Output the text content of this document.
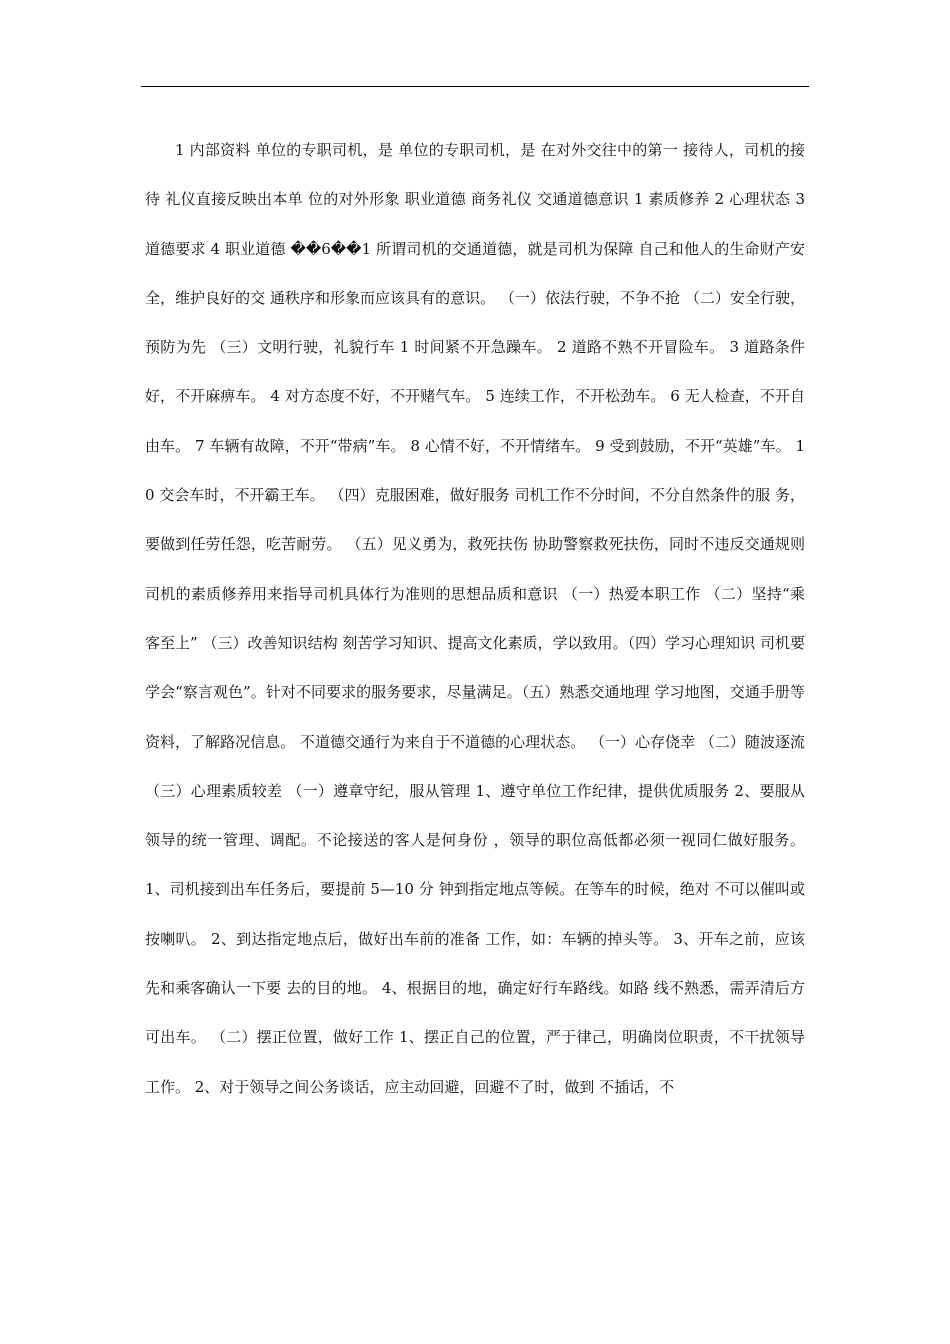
1 内部资料 单位的专职司机，是 单位的专职司机，是 在对外交往中的第一 接待人，司机的接待 礼仪直接反映出本单 位的对外形象 职业道德 商务礼仪 交通道德意识 1 素质修养 2 心理状态 3 道德要求 4 职业道德 ��6��1 所谓司机的交通道德，就是司机为保障 自己和他人的生命财产安全，维护良好的交 通秩序和形象而应该具有的意识。 （一）依法行驶，不争不抢 （二）安全行驶，预防为先 （三）文明行驶，礼貌行车 1 时间紧不开急躁车。 2 道路不熟不开冒险车。 3 道路条件好，不开麻痹车。 4 对方态度不好，不开赌气车。 5 连续工作，不开松劲车。 6 无人检查，不开自由车。 7 车辆有故障，不开“带病”车。 8 心情不好，不开情绪车。 9 受到鼓励，不开“英雄”车。 10 交会车时，不开霸王车。 （四）克服困难，做好服务 司机工作不分时间，不分自然条件的服 务，要做到任劳任怨，吃苦耐劳。 （五）见义勇为，救死扶伤 协助警察救死扶伤，同时不违反交通规则 司机的素质修养用来指导司机具体行为准则的思想品质和意识 （一）热爱本职工作 （二）坚持“乘客至上” （三）改善知识结构 刻苦学习知识、提高文化素质，学以致用。（四）学习心理知识 司机要学会“察言观色”。针对不同要求的服务要求，尽量满足。（五）熟悉交通地理 学习地图，交通手册等资料，了解路况信息。 不道德交通行为来自于不道德的心理状态。 （一）心存侥幸 （二）随波逐流 （三）心理素质较差 （一）遵章守纪，服从管理 1、遵守单位工作纪律，提供优质服务 2、要服从领导的统一管理、调配。不论接送的客人是何身份 ，领导的职位高低都必须一视同仁做好服务。 1、司机接到出车任务后，要提前 5—10 分 钟到指定地点等候。在等车的时候，绝对 不可以催叫或按喇叭。 2、到达指定地点后，做好出车前的准备 工作，如：车辆的掉头等。 3、开车之前，应该先和乘客确认一下要 去的目的地。 4、根据目的地，确定好行车路线。如路 线不熟悉，需弄清后方可出车。 （二）摆正位置，做好工作 1、摆正自己的位置，严于律己，明确岗位职责，不干扰领导 工作。 2、对于领导之间公务谈话，应主动回避，回避不了时，做到 不插话，不
